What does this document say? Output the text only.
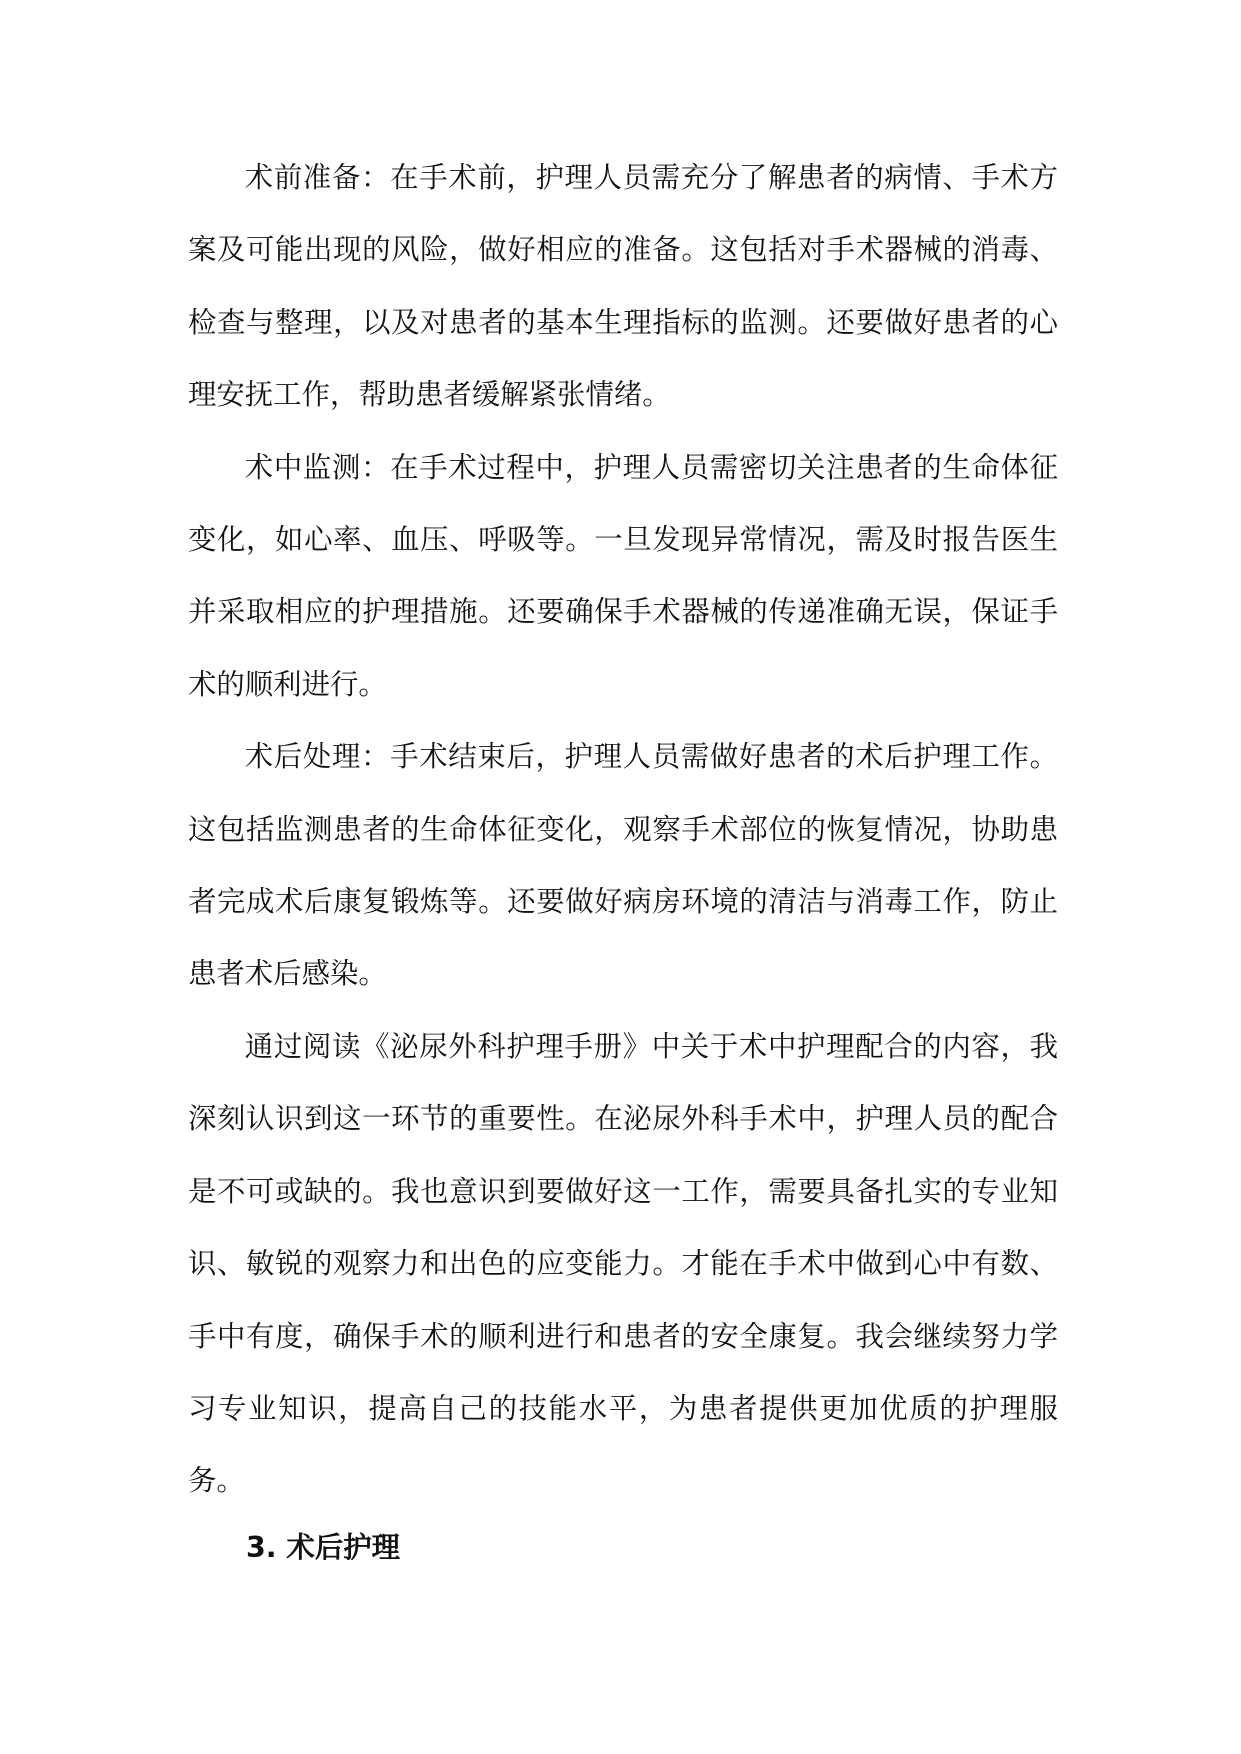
术前准备：在手术前，护理人员需充分了解患者的病情、手术方案及可能出现的风险，做好相应的准备。这包括对手术器械的消毒、检查与整理，以及对患者的基本生理指标的监测。还要做好患者的心理安抚工作，帮助患者缓解紧张情绪。

术中监测：在手术过程中，护理人员需密切关注患者的生命体征变化，如心率、血压、呼吸等。一旦发现异常情况，需及时报告医生并采取相应的护理措施。还要确保手术器械的传递准确无误，保证手术的顺利进行。

术后处理：手术结束后，护理人员需做好患者的术后护理工作。这包括监测患者的生命体征变化，观察手术部位的恢复情况，协助患者完成术后康复锻炼等。还要做好病房环境的清洁与消毒工作，防止患者术后感染。

通过阅读《泌尿外科护理手册》中关于术中护理配合的内容，我深刻认识到这一环节的重要性。在泌尿外科手术中，护理人员的配合是不可或缺的。我也意识到要做好这一工作，需要具备扎实的专业知识、敏锐的观察力和出色的应变能力。才能在手术中做到心中有数、手中有度，确保手术的顺利进行和患者的安全康复。我会继续努力学习专业知识，提高自己的技能水平，为患者提供更加优质的护理服务。

3. 术后护理
